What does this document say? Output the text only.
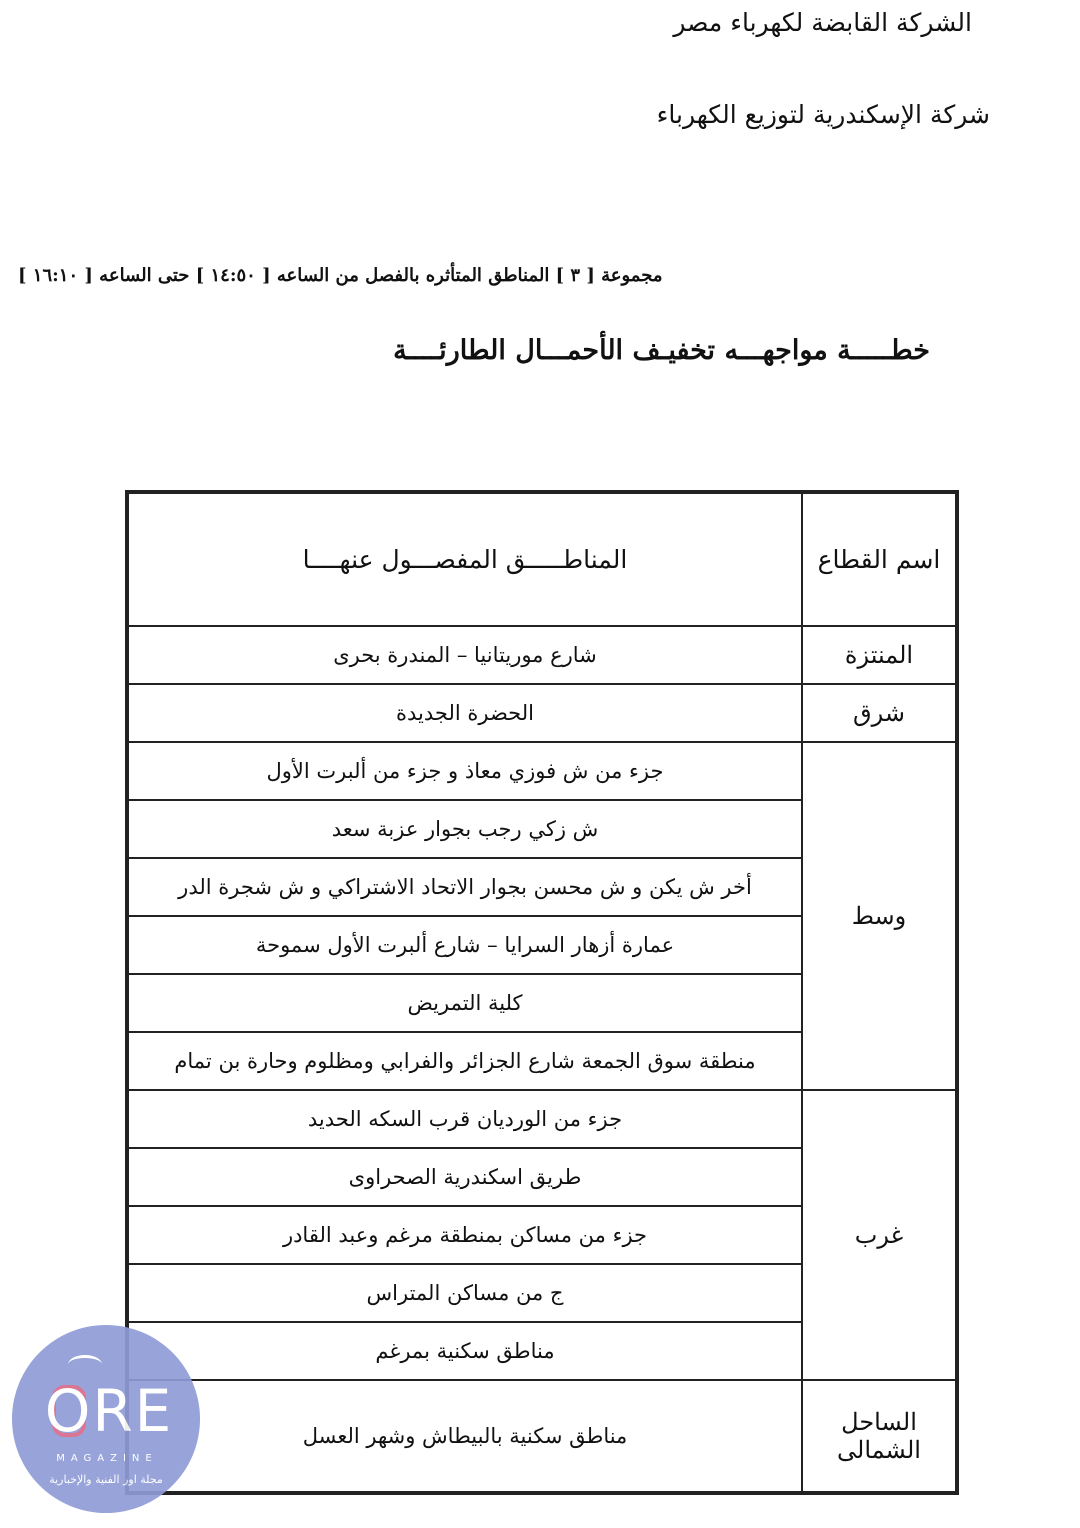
الشركة القابضة لكهرباء مصر
شركة الإسكندرية لتوزيع الكهرباء
مجموعة [ ٣ ] المناطق المتأثره بالفصل من الساعه [ ١٤:٥٠ ] حتى الساعه [ ١٦:١٠ ]
خطـــــة مواجهـــه تخفيـف الأحمـــال الطارئــــة
اسم القطاع	المناطـــــق المفصـــول عنهــــا
المنتزة	شارع موريتانيا – المندرة بحرى
شرق	الحضرة الجديدة
وسط	جزء من ش فوزي معاذ و جزء من ألبرت الأول
	ش زكي رجب بجوار عزبة سعد
	أخر ش يكن و ش محسن بجوار الاتحاد الاشتراكي و ش شجرة الدر
	عمارة أزهار السرايا – شارع ألبرت الأول سموحة
	كلية التمريض
	منطقة سوق الجمعة شارع الجزائر والفرابي ومظلوم وحارة بن تمام
غرب	جزء من الورديان قرب السكه الحديد
	طريق اسكندرية الصحراوى
	جزء من مساكن بمنطقة مرغم وعبد القادر
	ج من مساكن المتراس
	مناطق سكنية بمرغم
الساحل الشمالى	مناطق سكنية بالبيطاش وشهر العسل
ORE
MAGAZINE
مجلة اور الفنية والإخبارية
